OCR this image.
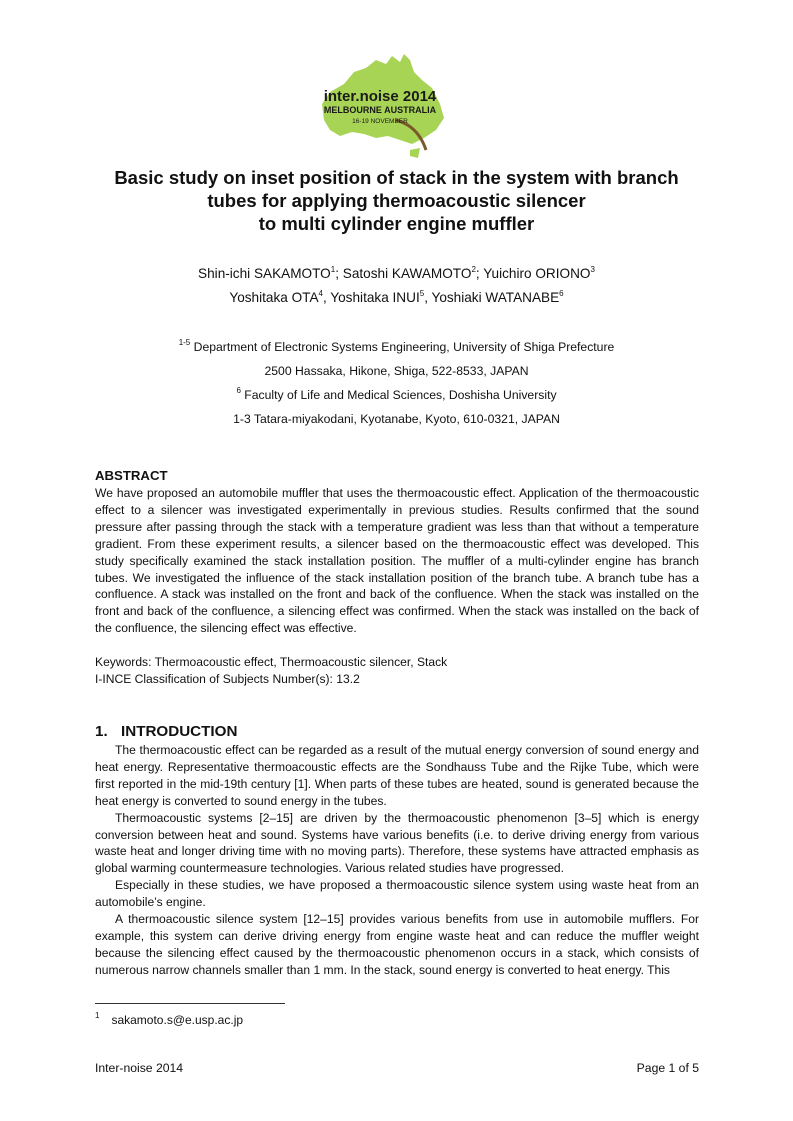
inter.noise 2014
MELBOURNE AUSTRALIA
16-19 NOVEMBER
Basic study on inset position of stack in the system with branch
tubes for applying thermoacoustic silencer
to multi cylinder engine muffler
Shin-ichi SAKAMOTO$^1$; Satoshi KAWAMOTO$^2$; Yuichiro ORIONO$^3$
Yoshitaka OTA$^4$, Yoshitaka INUI$^5$, Yoshiaki WATANABE$^6$
$^{1-5}$ Department of Electronic Systems Engineering, University of Shiga Prefecture
2500 Hassaka, Hikone, Shiga, 522-8533, JAPAN
$^6$ Faculty of Life and Medical Sciences, Doshisha University
1-3 Tatara-miyakodani, Kyotanabe, Kyoto, 610-0321, JAPAN
ABSTRACT

We have proposed an automobile muffler that uses the thermoacoustic effect. Application of the thermoacoustic effect to a silencer was investigated experimentally in previous studies. Results confirmed that the sound pressure after passing through the stack with a temperature gradient was less than that without a temperature gradient. From these experiment results, a silencer based on the thermoacoustic effect was developed. This study specifically examined the stack installation position. The muffler of a multi-cylinder engine has branch tubes. We investigated the influence of the stack installation position of the branch tube. A branch tube has a confluence. A stack was installed on the front and back of the confluence. When the stack was installed on the front and back of the confluence, a silencing effect was confirmed. When the stack was installed on the back of the confluence, the silencing effect was effective.

Keywords: Thermoacoustic effect, Thermoacoustic silencer, Stack
I-INCE Classification of Subjects Number(s): 13.2
1. INTRODUCTION

The thermoacoustic effect can be regarded as a result of the mutual energy conversion of sound energy and heat energy. Representative thermoacoustic effects are the Sondhauss Tube and the Rijke Tube, which were first reported in the mid-19th century [1]. When parts of these tubes are heated, sound is generated because the heat energy is converted to sound energy in the tubes.

Thermoacoustic systems [2–15] are driven by the thermoacoustic phenomenon [3–5] which is energy conversion between heat and sound. Systems have various benefits (i.e. to derive driving energy from various waste heat and longer driving time with no moving parts). Therefore, these systems have attracted emphasis as global warming countermeasure technologies. Various related studies have progressed.

Especially in these studies, we have proposed a thermoacoustic silence system using waste heat from an automobile’s engine.

A thermoacoustic silence system [12–15] provides various benefits from use in automobile mufflers. For example, this system can derive driving energy from engine waste heat and can reduce the muffler weight because the silencing effect caused by the thermoacoustic phenomenon occurs in a stack, which consists of numerous narrow channels smaller than 1 mm. In the stack, sound energy is converted to heat energy. This

$^1$ sakamoto.s@e.usp.ac.jp
Inter-noise 2014	Page 1 of 5
